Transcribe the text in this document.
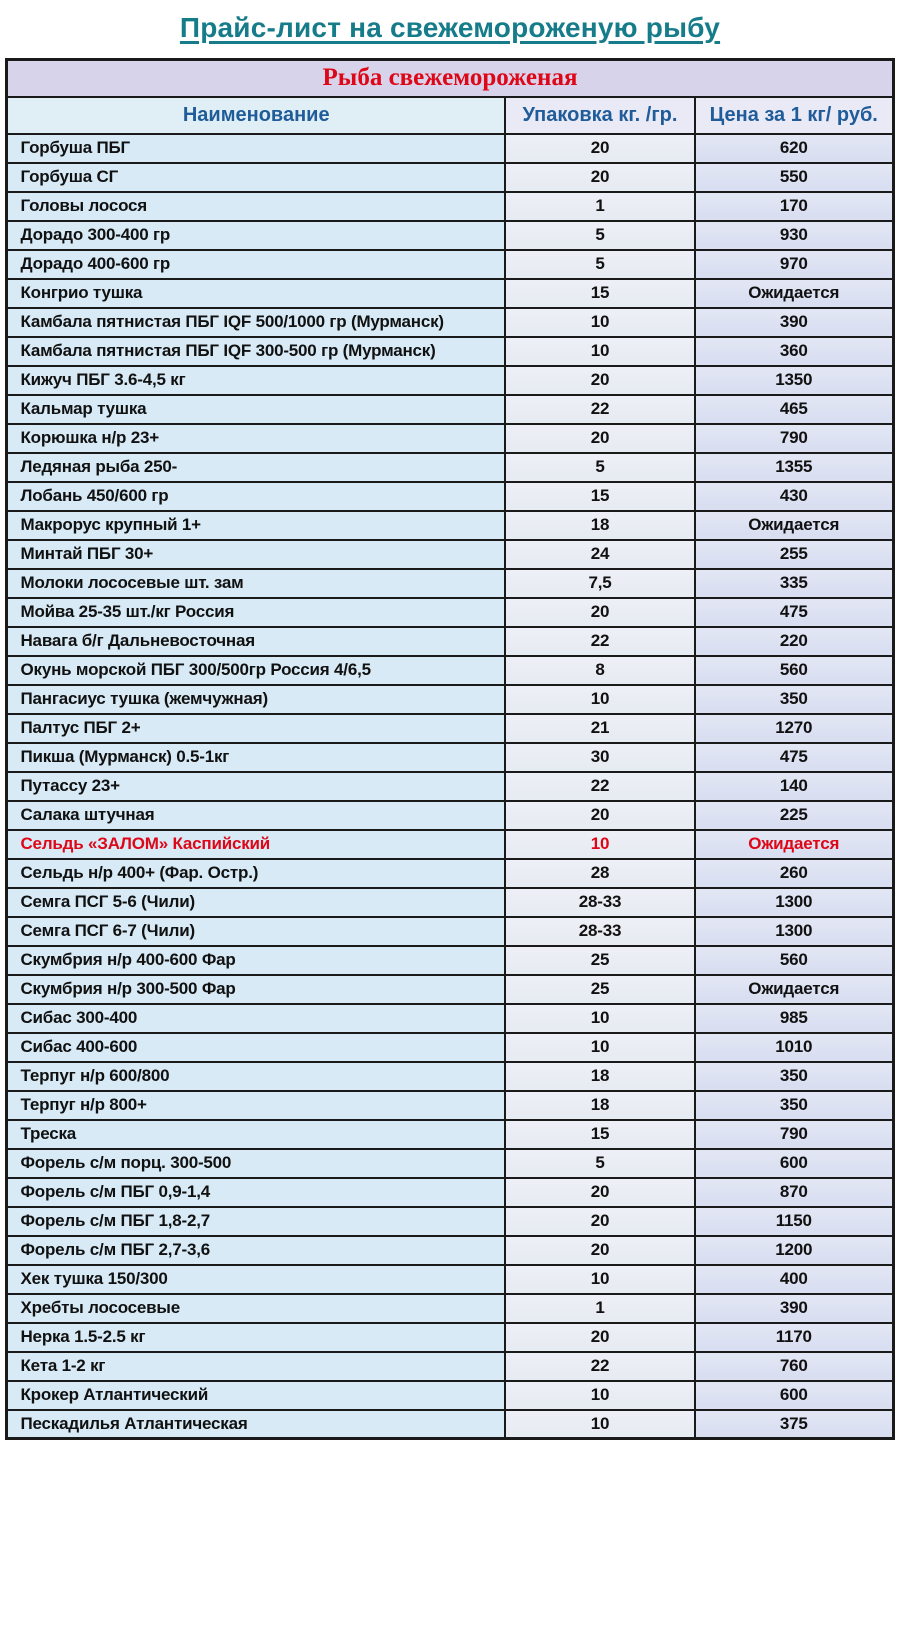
Прайс-лист на свежемороженую рыбу
Рыба свежемороженая		
Наименование	Упаковка кг. /гр.	Цена за 1 кг/ руб.
Горбуша ПБГ	20	620
Горбуша СГ	20	550
Головы лосося	1	170
Дорадо 300-400 гр	5	930
Дорадо 400-600 гр	5	970
Конгрио тушка	15	Ожидается
Камбала пятнистая ПБГ IQF 500/1000 гр (Мурманск)	10	390
Камбала пятнистая ПБГ IQF 300-500 гр (Мурманск)	10	360
Кижуч ПБГ 3.6-4,5 кг	20	1350
Кальмар тушка	22	465
Корюшка н/р 23+	20	790
Ледяная рыба 250-	5	1355
Лобань 450/600 гр	15	430
Макрорус крупный 1+	18	Ожидается
Минтай ПБГ 30+	24	255
Молоки лососевые шт. зам	7,5	335
Мойва 25-35 шт./кг Россия	20	475
Навага б/г Дальневосточная	22	220
Окунь морской ПБГ 300/500гр Россия 4/6,5	8	560
Пангасиус тушка (жемчужная)	10	350
Палтус ПБГ 2+	21	1270
Пикша (Мурманск) 0.5-1кг	30	475
Путассу 23+	22	140
Салака штучная	20	225
Сельдь «ЗАЛОМ» Каспийский	10	Ожидается
Сельдь н/р 400+ (Фар. Остр.)	28	260
Семга ПСГ 5-6 (Чили)	28-33	1300
Семга ПСГ 6-7 (Чили)	28-33	1300
Скумбрия н/р 400-600 Фар	25	560
Скумбрия н/р 300-500 Фар	25	Ожидается
Сибас 300-400	10	985
Сибас 400-600	10	1010
Терпуг н/р 600/800	18	350
Терпуг н/р 800+	18	350
Треска	15	790
Форель с/м порц. 300-500	5	600
Форель с/м ПБГ 0,9-1,4	20	870
Форель с/м ПБГ 1,8-2,7	20	1150
Форель с/м ПБГ 2,7-3,6	20	1200
Хек тушка 150/300	10	400
Хребты лососевые	1	390
Нерка 1.5-2.5 кг	20	1170
Кета 1-2 кг	22	760
Крокер Атлантический	10	600
Пескадилья Атлантическая	10	375
